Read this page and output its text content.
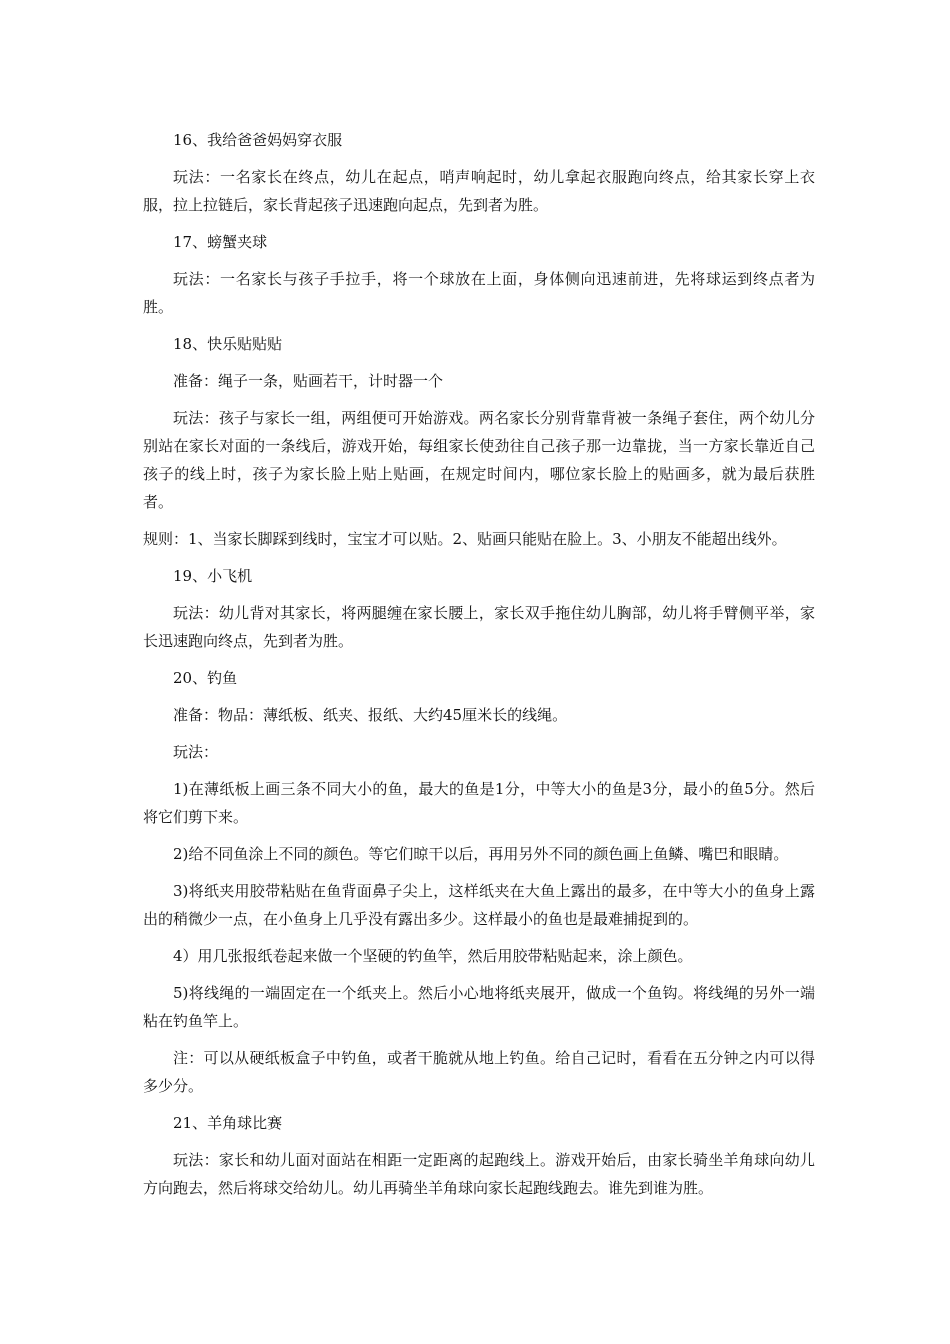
16、我给爸爸妈妈穿衣服

玩法：一名家长在终点，幼儿在起点，哨声响起时，幼儿拿起衣服跑向终点，给其家长穿上衣服，拉上拉链后，家长背起孩子迅速跑向起点，先到者为胜。

17、螃蟹夹球

玩法：一名家长与孩子手拉手，将一个球放在上面，身体侧向迅速前进，先将球运到终点者为胜。

18、快乐贴贴贴

准备：绳子一条，贴画若干，计时器一个

玩法：孩子与家长一组，两组便可开始游戏。两名家长分别背靠背被一条绳子套住，两个幼儿分别站在家长对面的一条线后，游戏开始，每组家长使劲往自己孩子那一边靠拢，当一方家长靠近自己孩子的线上时，孩子为家长脸上贴上贴画，在规定时间内，哪位家长脸上的贴画多，就为最后获胜者。

规则：1、当家长脚踩到线时，宝宝才可以贴。2、贴画只能贴在脸上。3、小朋友不能超出线外。

19、小飞机

玩法：幼儿背对其家长，将两腿缠在家长腰上，家长双手拖住幼儿胸部，幼儿将手臂侧平举，家长迅速跑向终点，先到者为胜。

20、钓鱼

准备：物品：薄纸板、纸夹、报纸、大约45厘米长的线绳。

玩法：

1)在薄纸板上画三条不同大小的鱼，最大的鱼是1分，中等大小的鱼是3分，最小的鱼5分。然后将它们剪下来。

2)给不同鱼涂上不同的颜色。等它们晾干以后，再用另外不同的颜色画上鱼鳞、嘴巴和眼睛。

3)将纸夹用胶带粘贴在鱼背面鼻子尖上，这样纸夹在大鱼上露出的最多，在中等大小的鱼身上露出的稍微少一点，在小鱼身上几乎没有露出多少。这样最小的鱼也是最难捕捉到的。

4）用几张报纸卷起来做一个坚硬的钓鱼竿，然后用胶带粘贴起来，涂上颜色。

5)将线绳的一端固定在一个纸夹上。然后小心地将纸夹展开，做成一个鱼钩。将线绳的另外一端粘在钓鱼竿上。

注：可以从硬纸板盒子中钓鱼，或者干脆就从地上钓鱼。给自己记时，看看在五分钟之内可以得多少分。

21、羊角球比赛

玩法：家长和幼儿面对面站在相距一定距离的起跑线上。游戏开始后，由家长骑坐羊角球向幼儿方向跑去，然后将球交给幼儿。幼儿再骑坐羊角球向家长起跑线跑去。谁先到谁为胜。
